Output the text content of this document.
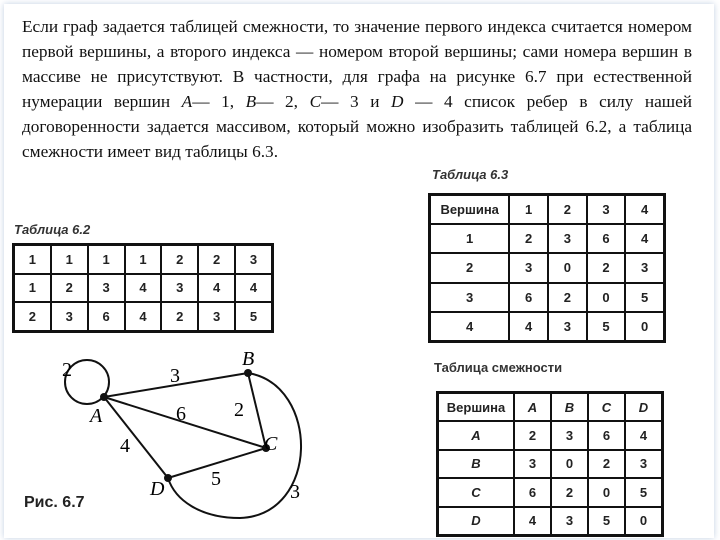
Если граф задается таблицей смежности, то значение первого индекса считается номером первой вершины, а второго индекса — номером второй вершины; сами номера вершин в массиве не присутствуют. В частности, для графа на рисунке 6.7 при естественной нумерации вершин A— 1, B— 2, C— 3 и D — 4 список ребер в силу нашей договоренности задается массивом, который можно изобразить таблицей 6.2, а таблица смежности имеет вид таблицы 6.3.
Таблица 6.2
1	1	1	1	2	2	3
1	2	3	4	3	4	4
2	3	6	4	2	3	5
Таблица 6.3
Вершина	1	2	3	4
1	2	3	6	4
2	3	0	2	3
3	6	2	0	5
4	4	3	5	0
Таблица смежности
Вершина	A	B	C	D
A	2	3	6	4
B	3	0	2	3
C	6	2	0	5
D	4	3	5	0
A
B
C
D
2	3
6 2
4
5
3
Рис. 6.7
